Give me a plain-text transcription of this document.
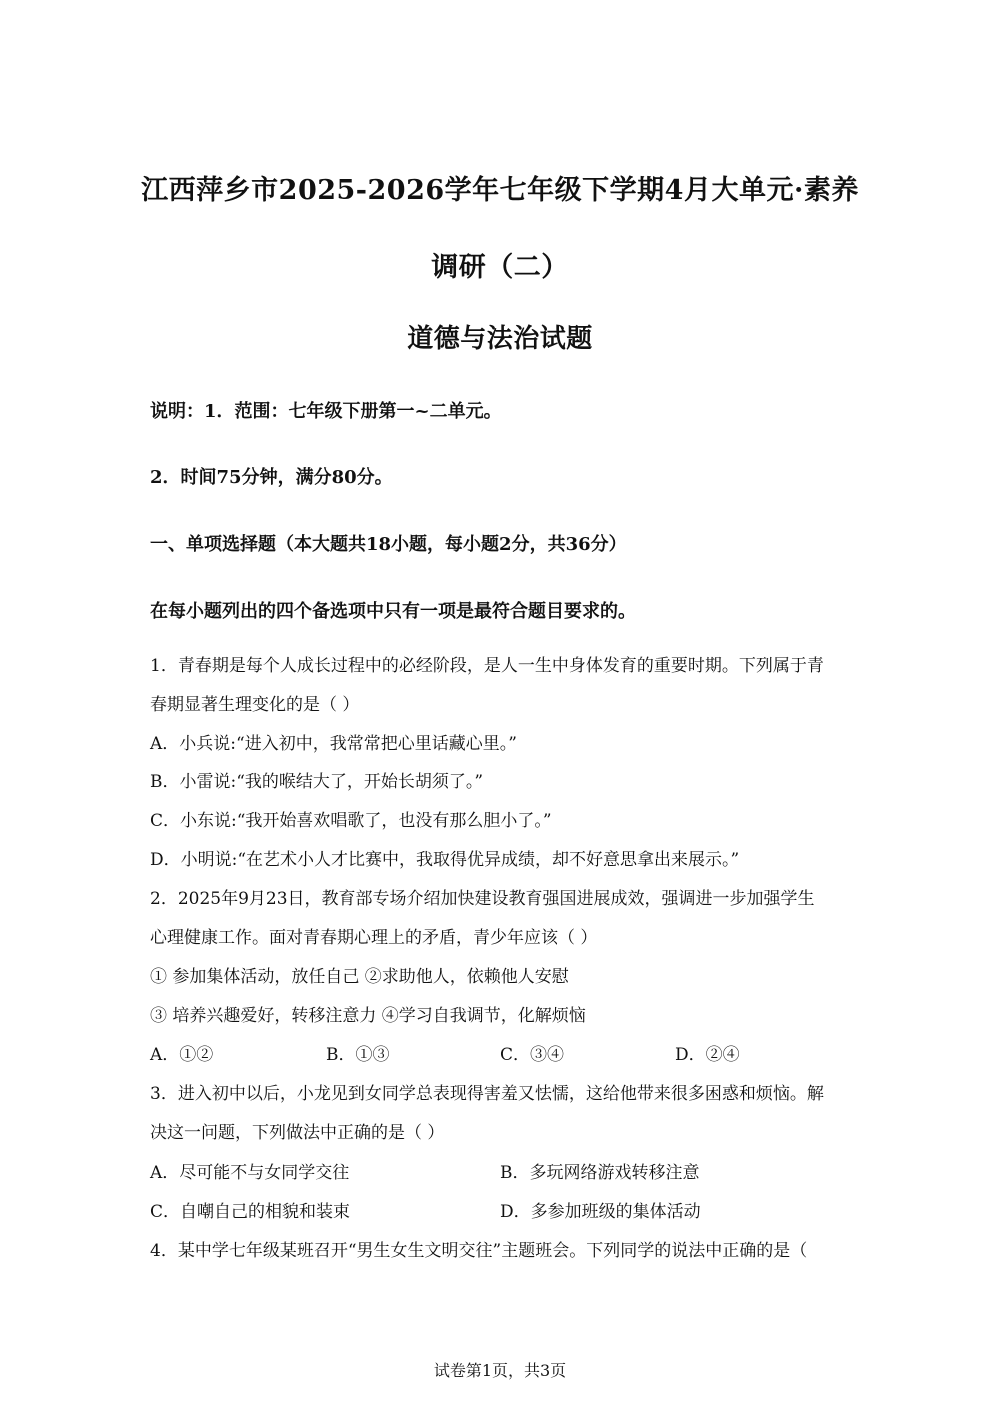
江西萍乡市2025-2026学年七年级下学期4月大单元·素养
调研（二）
道德与法治试题
说明：1．范围：七年级下册第一~二单元。
2．时间75分钟，满分80分。
一、单项选择题（本大题共18小题，每小题2分，共36分）
在每小题列出的四个备选项中只有一项是最符合题目要求的。
1．青春期是每个人成长过程中的必经阶段，是人一生中身体发育的重要时期。下列属于青
春期显著生理变化的是（ ）
A．小兵说:“进入初中，我常常把心里话藏心里。”
B．小雷说:“我的喉结大了，开始长胡须了。”
C．小东说:“我开始喜欢唱歌了，也没有那么胆小了。”
D．小明说:“在艺术小人才比赛中，我取得优异成绩，却不好意思拿出来展示。”
2．2025年9月23日，教育部专场介绍加快建设教育强国进展成效，强调进一步加强学生
心理健康工作。面对青春期心理上的矛盾，青少年应该（ ）
① 参加集体活动，放任自己 ②求助他人，依赖他人安慰
③ 培养兴趣爱好，转移注意力 ④学习自我调节，化解烦恼
A．①②	B．①③	C．③④	D．②④
3．进入初中以后，小龙见到女同学总表现得害羞又怯懦，这给他带来很多困惑和烦恼。解
决这一问题，下列做法中正确的是（ ）
A．尽可能不与女同学交往	B．多玩网络游戏转移注意
C．自嘲自己的相貌和装束	D．多参加班级的集体活动
4．某中学七年级某班召开“男生女生文明交往”主题班会。下列同学的说法中正确的是（
试卷第1页，共3页
